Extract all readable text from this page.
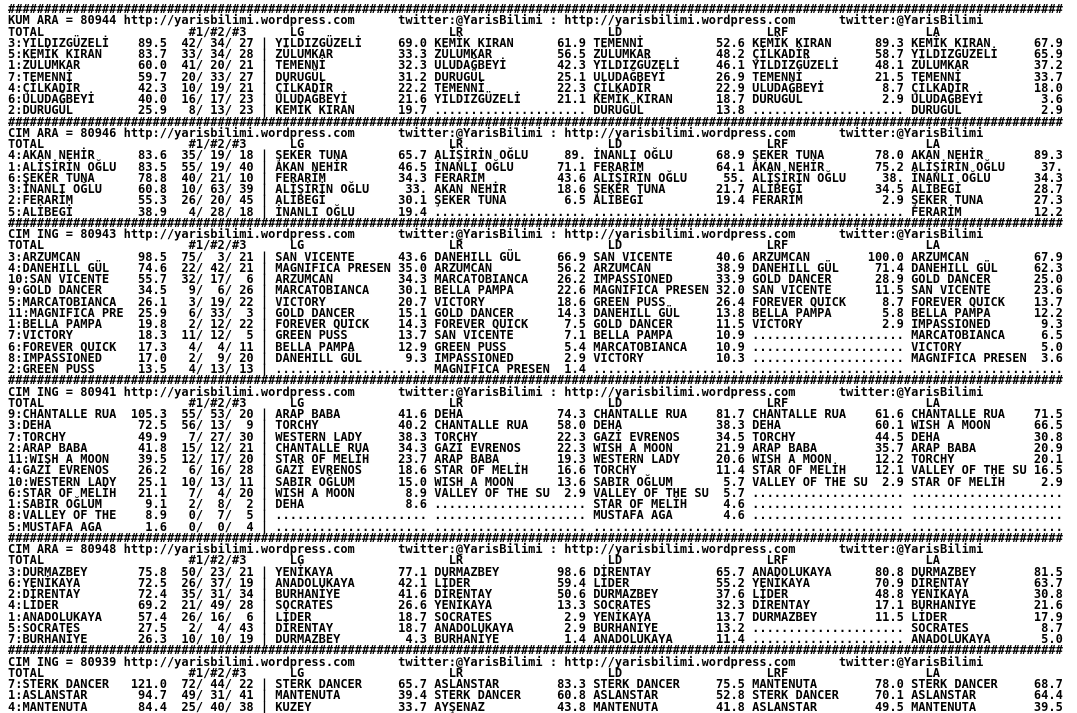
##################################################################################################################################################
KUM ARA = 80944 http://yarisbilimi.wordpress.com      twitter:@YarisBilimi : http://yarisbilimi.wordpress.com      twitter:@YarisBilimi
TOTAL                    #1/#2/#3      LG                    LR                    LD                    LRF                   LA
3:YILDIZGÜZELİ    89.5  42/ 34/ 27 | YILDIZGÜZELİ     69.0 KEMİK KIRAN      61.9 TEMENNİ          52.6 KEMİK KIRAN      89.3 KEMİK KIRAN      67.9
5:KEMİK KIRAN     83.7  33/ 34/ 28 | ZÜLUMKAR         33.3 ZÜLUMKAR         56.5 ZÜLUMKAR         48.2 ÇİLKADİR         58.7 YILDIZGÜZELİ     65.9
1:ZÜLUMKAR        60.0  41/ 20/ 21 | TEMENNİ          32.3 ULUDAĞBEYİ       42.3 YILDIZGÜZELİ     46.1 YILDIZGÜZELİ     48.1 ZÜLUMKAR         37.2
7:TEMENNİ         59.7  20/ 33/ 27 | DURUGÜL          31.2 DURUGÜL          25.1 ULUDAĞBEYİ       26.9 TEMENNİ          21.5 TEMENNİ          33.7
4:ÇİLKADİR        42.3  10/ 19/ 21 | ÇİLKADİR         22.2 TEMENNİ          22.3 ÇİLKADİR         22.9 ULUDAĞBEYİ        8.7 ÇİLKADİR         18.0
6:ULUDAĞBEYİ      40.0  16/ 17/ 23 | ULUDAĞBEYİ       21.6 YILDIZGÜZELİ     21.1 KEMİK KIRAN      18.7 DURUGÜL           2.9 ULUDAĞBEYİ        3.6
2:DURUGÜL         25.9   8/ 13/ 23 | KEMİK KIRAN      19.7 ..................... DURUGÜL          13.8 ..................... DURUGÜL           2.9
##################################################################################################################################################
CIM ARA = 80946 http://yarisbilimi.wordpress.com      twitter:@YarisBilimi : http://yarisbilimi.wordpress.com      twitter:@YarisBilimi
TOTAL                    #1/#2/#3      LG                    LR                    LD                    LRF                   LA
4:AKAN NEHİR      83.6  35/ 19/ 18 | ŞEKER TUNA       65.7 ALİŞİRİN OĞLU     89. İNANLI OĞLU      68.9 ŞEKER TUNA       78.0 AKAN NEHİR       89.3
1:ALİŞİRİN OĞLU   83.5  55/ 19/ 40 | AKAN NEHİR       46.5 İNANLI OĞLU      71.1 FERARİM          64.1 AKAN NEHİR       75.2 ALİŞİRİN OĞLU     37.
6:ŞEKER TUNA      78.8  40/ 21/ 10 | FERARİM          34.3 FERARİM          43.6 ALİŞİRİN OĞLU     55. ALİŞİRİN OĞLU     38. İNANLI OĞLU      34.3
3:İNANLI OĞLU     60.8  10/ 63/ 39 | ALİŞİRİN OĞLU     33. AKAN NEHİR       18.6 ŞEKER TUNA       21.7 ALİBEGİ          34.5 ALİBEGİ          28.7
2:FERARİM         55.3  26/ 20/ 45 | ALİBEGİ          30.1 ŞEKER TUNA        6.5 ALİBEGİ          19.4 FERARİM           2.9 ŞEKER TUNA       27.3
5:ALİBEGİ         38.9   4/ 28/ 18 | İNANLI OĞLU      19.4 ..................... ..................... ..................... FERARİM          12.2
##################################################################################################################################################
CIM ING = 80943 http://yarisbilimi.wordpress.com      twitter:@YarisBilimi : http://yarisbilimi.wordpress.com      twitter:@YarisBilimi
TOTAL                    #1/#2/#3      LG                    LR                    LD                    LRF                   LA
3:ARZUMCAN        98.5  75/  3/ 21 | SAN VICENTE      43.6 DANEHILL GÜL     66.9 SAN VICENTE      40.6 ARZUMCAN        100.0 ARZUMCAN         67.9
4:DANEHILL GÜL    74.6  22/ 42/ 21 | MAGNIFICA PRESEN 35.0 ARZUMCAN         56.2 ARZUMCAN         38.9 DANEHILL GÜL     71.4 DANEHILL GÜL     62.3
10:SAN VICENTE    55.7  32/ 17/  6 | ARZUMCAN         34.3 MARCATOBIANCA    26.2 IMPASSIONED      33.9 GOLD DANCER      28.9 GOLD DANCER      25.0
9:GOLD DANCER     34.5   9/  6/ 26 | MARCATOBIANCA    30.1 BELLA PAMPA      22.6 MAGNIFICA PRESEN 32.0 SAN VICENTE      11.5 SAN VICENTE      23.6
5:MARCATOBIANCA   26.1   3/ 19/ 22 | VICTORY          20.7 VICTORY          18.6 GREEN PUSS       26.4 FOREVER QUICK     8.7 FOREVER QUICK    13.7
11:MAGNIFICA PRE  25.9   6/ 33/  3 | GOLD DANCER      15.1 GOLD DANCER      14.3 DANEHILL GÜL     13.8 BELLA PAMPA       5.8 BELLA PAMPA      12.2
1:BELLA PAMPA     19.8   2/ 12/ 22 | FOREVER QUICK    14.3 FOREVER QUICK     7.5 GOLD DANCER      11.5 VICTORY           2.9 IMPASSIONED       9.3
7:VICTORY         18.3  11/ 12/  5 | GREEN PUSS       13.7 SAN VICENTE       7.1 BELLA PAMPA      10.9 ..................... MARCATOBIANCA     6.5
6:FOREVER QUICK   17.3   4/  4/ 11 | BELLA PAMPA      12.9 GREEN PUSS        5.4 MARCATOBIANCA    10.9 ..................... VICTORY           5.0
8:IMPASSIONED     17.0   2/  9/ 20 | DANEHILL GÜL      9.3 IMPASSIONED       2.9 VICTORY          10.3 ..................... MAGNIFICA PRESEN  3.6
2:GREEN PUSS      13.5   4/ 13/ 13 | ..................... MAGNIFICA PRESEN  1.4 ..................... ..................... .....................
##################################################################################################################################################
CIM ING = 80941 http://yarisbilimi.wordpress.com      twitter:@YarisBilimi : http://yarisbilimi.wordpress.com      twitter:@YarisBilimi
TOTAL                    #1/#2/#3      LG                    LR                    LD                    LRF                   LA
9:CHANTALLE RUA  105.3  55/ 53/ 20 | ARAP BABA        41.6 DEHA             74.3 CHANTALLE RUA    81.7 CHANTALLE RUA    61.6 CHANTALLE RUA    71.5
3:DEHA            72.5  56/ 13/  9 | TORCHY           40.2 CHANTALLE RUA    58.0 DEHA             38.3 DEHA             60.1 WISH A MOON      66.5
7:TORCHY          49.9   7/ 27/ 30 | WESTERN LADY     38.3 TORCHY           22.3 GAZİ EVRENOS     34.5 TORCHY           44.5 DEHA             30.8
2:ARAP BABA       41.8  15/ 12/ 21 | CHANTALLE RUA    34.3 GAZİ EVRENOS     22.3 WISH A MOON      21.9 ARAP BABA        35.7 ARAP BABA        20.9
11:WISH A MOON    39.5  12/ 17/ 20 | STAR OF MELİH    23.7 ARAP BABA        19.3 WESTERN LADY     20.6 WISH A MOON      12.2 TORCHY           20.1
4:GAZİ EVRENOS    26.2   6/ 16/ 28 | GAZİ EVRENOS     18.6 STAR OF MELİH    16.6 TORCHY           11.4 STAR OF MELİH    12.1 VALLEY OF THE SU 16.5
10:WESTERN LADY   25.1  10/ 13/ 11 | SABIR OĞLUM      15.0 WISH A MOON      13.6 SABIR OĞLUM       5.7 VALLEY OF THE SU  2.9 STAR OF MELİH     2.9
6:STAR OF MELİH   21.1   7/  4/ 20 | WISH A MOON       8.9 VALLEY OF THE SU  2.9 VALLEY OF THE SU  5.7 ..................... .....................
1:SABIR OĞLUM      9.1   2/  8/  2 | DEHA              8.6 ..................... STAR OF MELİH     4.6 ..................... .....................
8:VALLEY OF THE    8.9   0/  7/  5 | ..................... ..................... MUSTAFA AGA       4.6 ..................... .....................
5:MUSTAFA AGA      1.6   0/  0/  4 | ..................... ..................... ..................... ..................... .....................
##################################################################################################################################################
CIM ARA = 80948 http://yarisbilimi.wordpress.com      twitter:@YarisBilimi : http://yarisbilimi.wordpress.com      twitter:@YarisBilimi
TOTAL                    #1/#2/#3      LG                    LR                    LD                    LRF                   LA
3:DURMAZBEY       75.8  50/ 23/ 21 | YENİKAYA         77.1 DURMAZBEY        98.6 DİRENTAY         65.7 ANADOLUKAYA      80.8 DURMAZBEY        81.5
6:YENİKAYA        72.5  26/ 37/ 19 | ANADOLUKAYA      42.1 LİDER            59.4 LİDER            55.2 YENİKAYA         70.9 DİRENTAY         63.7
2:DİRENTAY        72.4  35/ 31/ 34 | BURHANİYE        41.6 DİRENTAY         50.6 DURMAZBEY        37.6 LİDER            48.8 YENİKAYA         30.8
4:LİDER           69.2  21/ 49/ 28 | SOCRATES         26.6 YENİKAYA         13.3 SOCRATES         32.3 DİRENTAY         17.1 BURHANİYE        21.6
1:ANADOLUKAYA     57.4  26/ 16/  6 | LİDER            18.7 SOCRATES          2.9 YENİKAYA         13.7 DURMAZBEY        11.5 LİDER            17.9
5:SOCRATES        27.5   2/  4/ 43 | DİRENTAY         18.7 ANADOLUKAYA       2.9 BURHANİYE        13.2 ..................... SOCRATES          8.7
7:BURHANİYE       26.3  10/ 10/ 19 | DURMAZBEY         4.3 BURHANİYE         1.4 ANADOLUKAYA      11.4 ..................... ANADOLUKAYA       5.0
##################################################################################################################################################
CIM ING = 80939 http://yarisbilimi.wordpress.com      twitter:@YarisBilimi : http://yarisbilimi.wordpress.com      twitter:@YarisBilimi
TOTAL                    #1/#2/#3      LG                    LR                    LD                    LRF                   LA
7:STERK DANCER   121.0  72/ 44/ 22 | STERK DANCER     65.7 ASLANSTAR        83.3 STERK DANCER     75.5 MANTENUTA        78.0 STERK DANCER     68.7
1:ASLANSTAR       94.7  49/ 31/ 41 | MANTENUTA        39.4 STERK DANCER     60.8 ASLANSTAR        52.8 STERK DANCER     70.1 ASLANSTAR        64.4
4:MANTENUTA       84.4  25/ 40/ 38 | KUZEY            33.7 AYŞENAZ          43.8 MANTENUTA        41.8 ASLANSTAR        49.5 MANTENUTA        39.5
